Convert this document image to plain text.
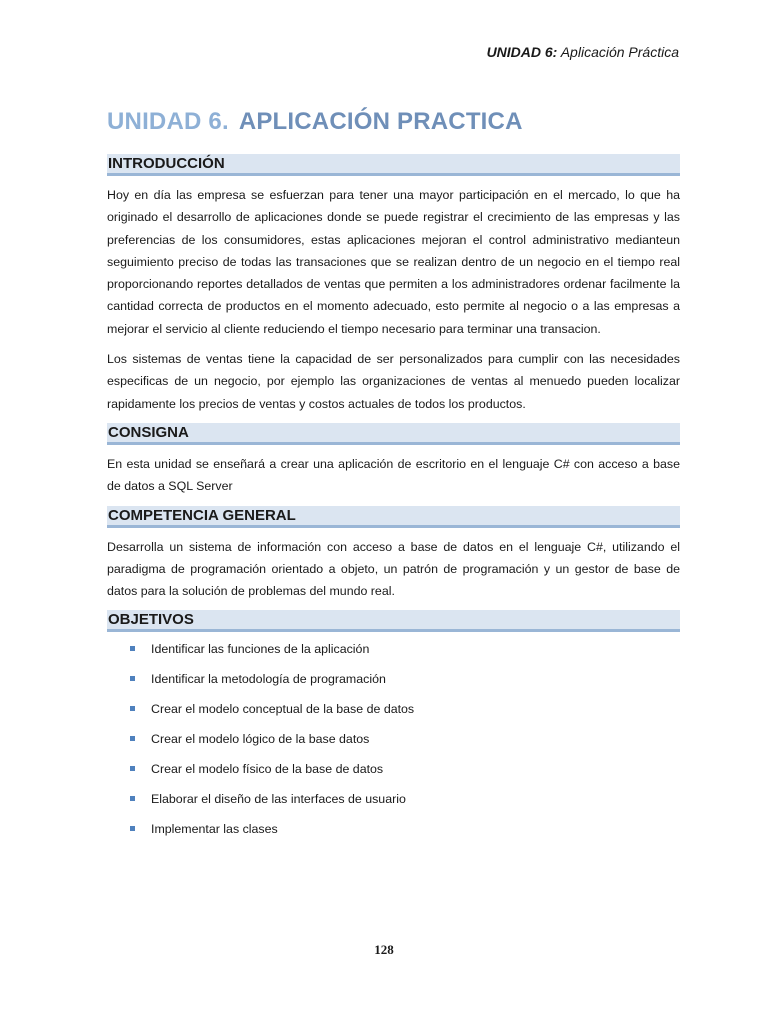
UNIDAD 6: Aplicación Práctica
UNIDAD 6. APLICACIÓN PRACTICA
INTRODUCCIÓN

Hoy en día las empresa se esfuerzan para tener una mayor participación en el mercado, lo que ha originado el desarrollo de aplicaciones donde se puede registrar el crecimiento de las empresas y las preferencias de los consumidores, estas aplicaciones mejoran el control administrativo medianteun seguimiento preciso de todas las transaciones que se realizan dentro de un negocio en el tiempo real proporcionando reportes detallados de ventas que permiten a los administradores ordenar facilmente la cantidad correcta de productos en el momento adecuado, esto permite al negocio o a las empresas a mejorar el servicio al cliente reduciendo el tiempo necesario para terminar una transacion.

Los sistemas de ventas tiene la capacidad de ser personalizados para cumplir con las necesidades especificas de un negocio, por ejemplo las organizaciones de ventas al menuedo pueden localizar rapidamente los precios de ventas y costos actuales de todos los productos.

CONSIGNA

En esta unidad se enseñará a crear una aplicación de escritorio en el lenguaje C# con acceso a base de datos a SQL Server

COMPETENCIA GENERAL

Desarrolla un sistema de información con acceso a base de datos en el lenguaje C#, utilizando el paradigma de programación orientado a objeto, un patrón de programación y un gestor de base de datos para la solución de problemas del mundo real.

OBJETIVOS
Identificar las funciones de la aplicación
Identificar la metodología de programación
Crear el modelo conceptual de la base de datos
Crear el modelo lógico de la base datos
Crear el modelo físico de la base de datos
Elaborar el diseño de las interfaces de usuario
Implementar las clases
128
